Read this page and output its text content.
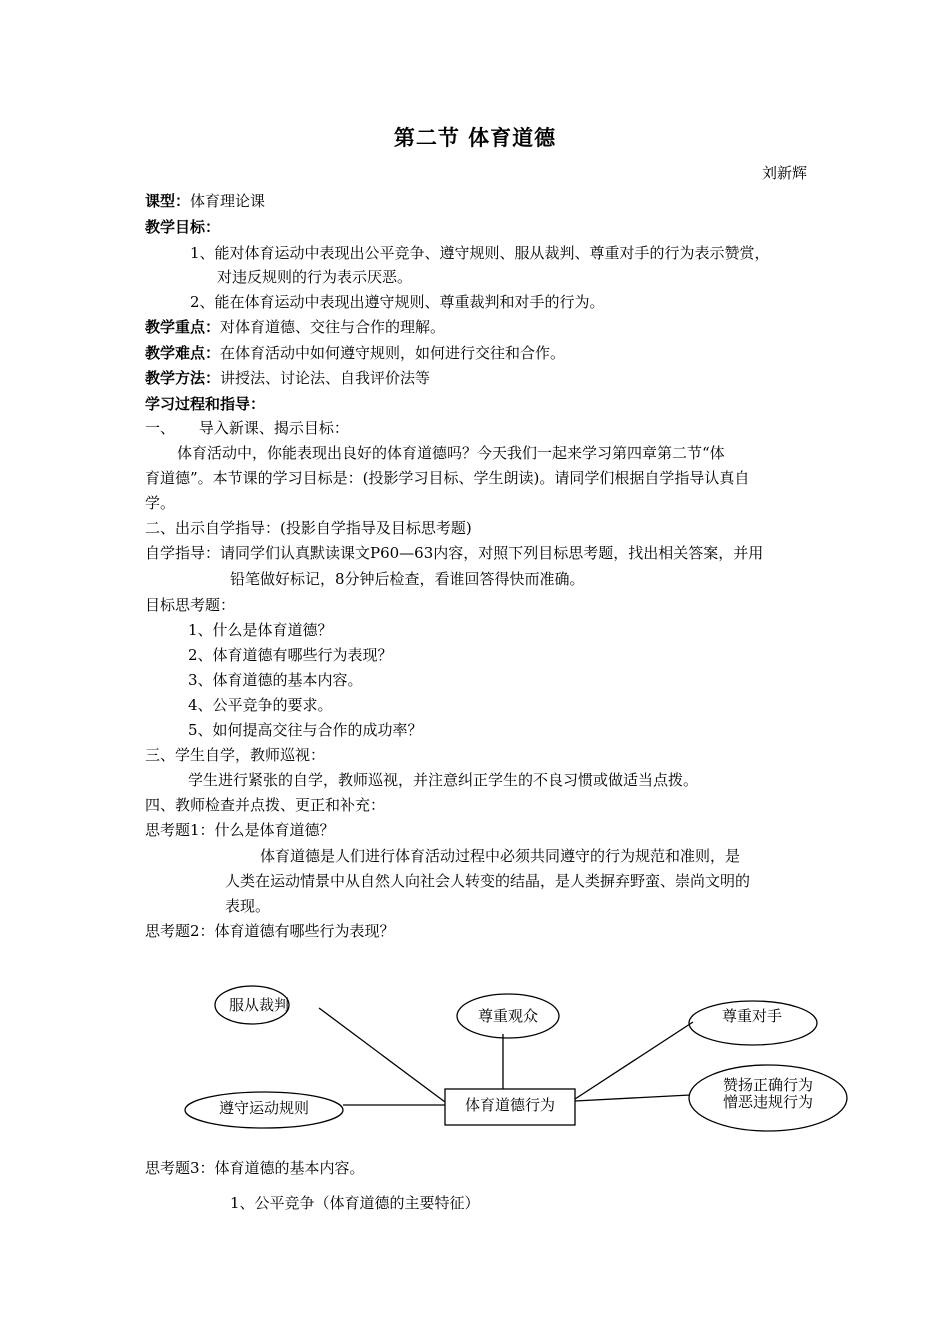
第二节 体育道德
刘新辉
课型：体育理论课
教学目标：
1、能对体育运动中表现出公平竞争、遵守规则、服从裁判、尊重对手的行为表示赞赏，
对违反规则的行为表示厌恶。
2、能在体育运动中表现出遵守规则、尊重裁判和对手的行为。
教学重点：对体育道德、交往与合作的理解。
教学难点：在体育活动中如何遵守规则，如何进行交往和合作。
教学方法：讲授法、讨论法、自我评价法等
学习过程和指导：
一、     导入新课、揭示目标：
体育活动中，你能表现出良好的体育道德吗？今天我们一起来学习第四章第二节“体
育道德”。本节课的学习目标是：(投影学习目标、学生朗读)。请同学们根据自学指导认真自
学。
二、出示自学指导：(投影自学指导及目标思考题)
自学指导：请同学们认真默读课文P60—63内容，对照下列目标思考题，找出相关答案，并用
铅笔做好标记，8分钟后检查，看谁回答得快而准确。
目标思考题：
1、什么是体育道德？
2、体育道德有哪些行为表现？
3、体育道德的基本内容。
4、公平竞争的要求。
5、如何提高交往与合作的成功率？
三、学生自学，教师巡视：
学生进行紧张的自学，教师巡视，并注意纠正学生的不良习惯或做适当点拨。
四、教师检查并点拨、更正和补充：
思考题1：什么是体育道德？
体育道德是人们进行体育活动过程中必须共同遵守的行为规范和准则，是
人类在运动情景中从自然人向社会人转变的结晶，是人类摒弃野蛮、崇尚文明的
表现。
思考题2：体育道德有哪些行为表现？
服从裁判
尊重观众	尊重对手
遵守运动规则	体育道德行为
赞扬正确行为
憎恶违规行为
思考题3：体育道德的基本内容。
1、公平竞争（体育道德的主要特征）
